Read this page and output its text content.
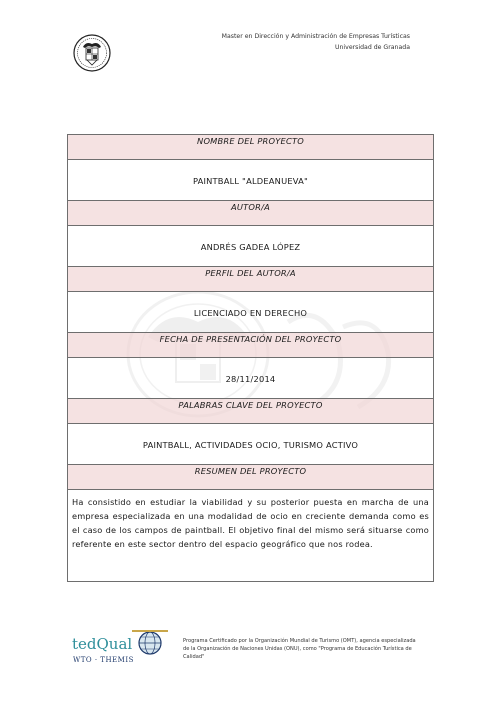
Master en Dirección y Administración de Empresas Turísticas
Universidad de Granada
NOMBRE DEL PROYECTO
PAINTBALL "ALDEANUEVA"
AUTOR/A
ANDRÉS GADEA LÓPEZ
PERFIL DEL AUTOR/A
LICENCIADO EN DERECHO
FECHA DE PRESENTACIÓN DEL PROYECTO
28/11/2014
PALABRAS CLAVE DEL PROYECTO
PAINTBALL, ACTIVIDADES OCIO, TURISMO ACTIVO
RESUMEN DEL PROYECTO
Ha consistido en estudiar la viabilidad y su posterior puesta en marcha de una empresa especializada en una modalidad de ocio en creciente demanda como es el caso de los campos de paintball. El objetivo final del mismo será situarse como referente en este sector dentro del espacio geográfico que nos rodea.
tedQual
WTO · THEMIS
Programa Certificado por la Organización Mundial de Turismo (OMT), agencia especializada de la Organización de Naciones Unidas (ONU), como "Programa de Educación Turística de Calidad"
